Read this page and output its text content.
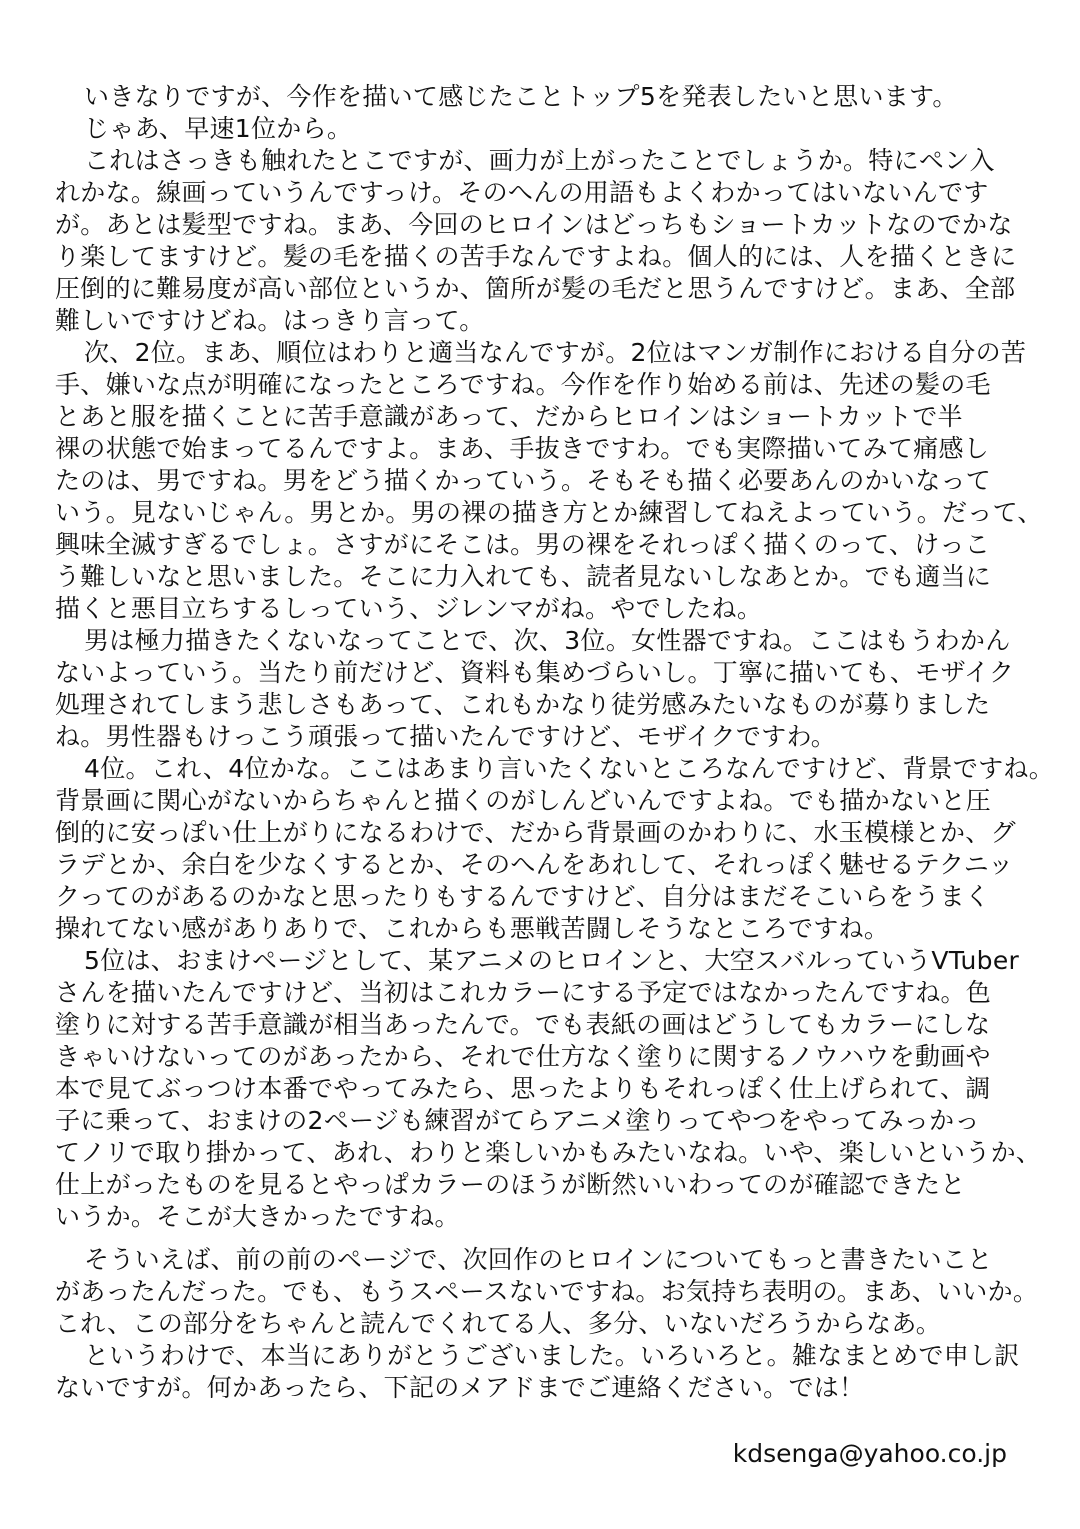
いきなりですが、今作を描いて感じたことトップ5を発表したいと思います。
じゃあ、早速1位から。
これはさっきも触れたとこですが、画力が上がったことでしょうか。特にペン入
れかな。線画っていうんですっけ。そのへんの用語もよくわかってはいないんです
が。あとは髪型ですね。まあ、今回のヒロインはどっちもショートカットなのでかな
り楽してますけど。髪の毛を描くの苦手なんですよね。個人的には、人を描くときに
圧倒的に難易度が高い部位というか、箇所が髪の毛だと思うんですけど。まあ、全部
難しいですけどね。はっきり言って。
次、2位。まあ、順位はわりと適当なんですが。2位はマンガ制作における自分の苦
手、嫌いな点が明確になったところですね。今作を作り始める前は、先述の髪の毛
とあと服を描くことに苦手意識があって、だからヒロインはショートカットで半
裸の状態で始まってるんですよ。まあ、手抜きですわ。でも実際描いてみて痛感し
たのは、男ですね。男をどう描くかっていう。そもそも描く必要あんのかいなって
いう。見ないじゃん。男とか。男の裸の描き方とか練習してねえよっていう。だって、
興味全滅すぎるでしょ。さすがにそこは。男の裸をそれっぽく描くのって、けっこ
う難しいなと思いました。そこに力入れても、読者見ないしなあとか。でも適当に
描くと悪目立ちするしっていう、ジレンマがね。やでしたね。
男は極力描きたくないなってことで、次、3位。女性器ですね。ここはもうわかん
ないよっていう。当たり前だけど、資料も集めづらいし。丁寧に描いても、モザイク
処理されてしまう悲しさもあって、これもかなり徒労感みたいなものが募りました
ね。男性器もけっこう頑張って描いたんですけど、モザイクですわ。
4位。これ、4位かな。ここはあまり言いたくないところなんですけど、背景ですね。
背景画に関心がないからちゃんと描くのがしんどいんですよね。でも描かないと圧
倒的に安っぽい仕上がりになるわけで、だから背景画のかわりに、水玉模様とか、グ
ラデとか、余白を少なくするとか、そのへんをあれして、それっぽく魅せるテクニッ
クってのがあるのかなと思ったりもするんですけど、自分はまだそこいらをうまく
操れてない感がありありで、これからも悪戦苦闘しそうなところですね。
5位は、おまけページとして、某アニメのヒロインと、大空スバルっていうVTuber
さんを描いたんですけど、当初はこれカラーにする予定ではなかったんですね。色
塗りに対する苦手意識が相当あったんで。でも表紙の画はどうしてもカラーにしな
きゃいけないってのがあったから、それで仕方なく塗りに関するノウハウを動画や
本で見てぶっつけ本番でやってみたら、思ったよりもそれっぽく仕上げられて、調
子に乗って、おまけの2ページも練習がてらアニメ塗りってやつをやってみっかっ
てノリで取り掛かって、あれ、わりと楽しいかもみたいなね。いや、楽しいというか、
仕上がったものを見るとやっぱカラーのほうが断然いいわってのが確認できたと
いうか。そこが大きかったですね。
そういえば、前の前のページで、次回作のヒロインについてもっと書きたいこと
があったんだった。でも、もうスペースないですね。お気持ち表明の。まあ、いいか。
これ、この部分をちゃんと読んでくれてる人、多分、いないだろうからなあ。
というわけで、本当にありがとうございました。いろいろと。雑なまとめで申し訳
ないですが。何かあったら、下記のメアドまでご連絡ください。では！
kdsenga@yahoo.co.jp
